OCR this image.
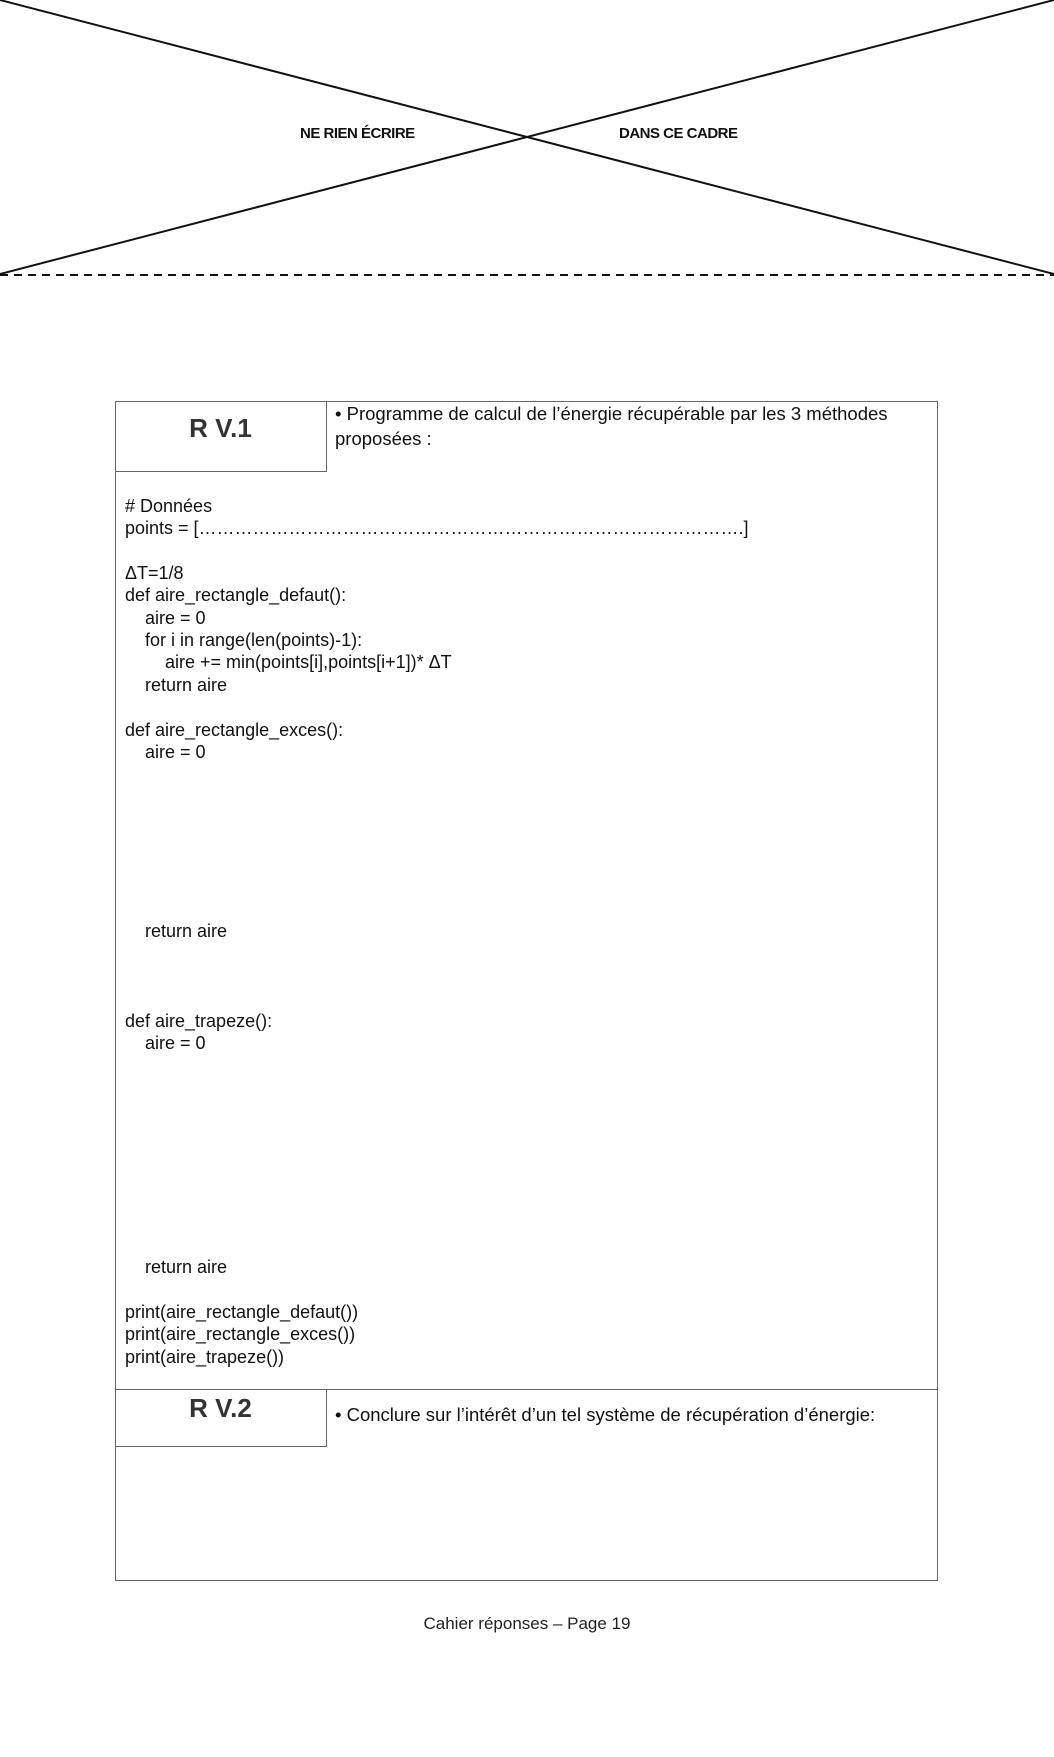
NE RIEN ÉCRIRE	DANS CE CADRE
R V.1	• Programme de calcul de l’énergie récupérable par les 3 méthodes proposées :
# Données
points = [……………………………………………………………………………….]
ΔT=1/8
def aire_rectangle_defaut():
aire = 0
for i in range(len(points)-1):
aire += min(points[i],points[i+1])* ΔT
return aire
def aire_rectangle_exces():
aire = 0
return aire
def aire_trapeze():
aire = 0
return aire
print(aire_rectangle_defaut())
print(aire_rectangle_exces())
print(aire_trapeze())
R V.2	• Conclure sur l’intérêt d’un tel système de récupération d’énergie:
Cahier réponses – Page 19
